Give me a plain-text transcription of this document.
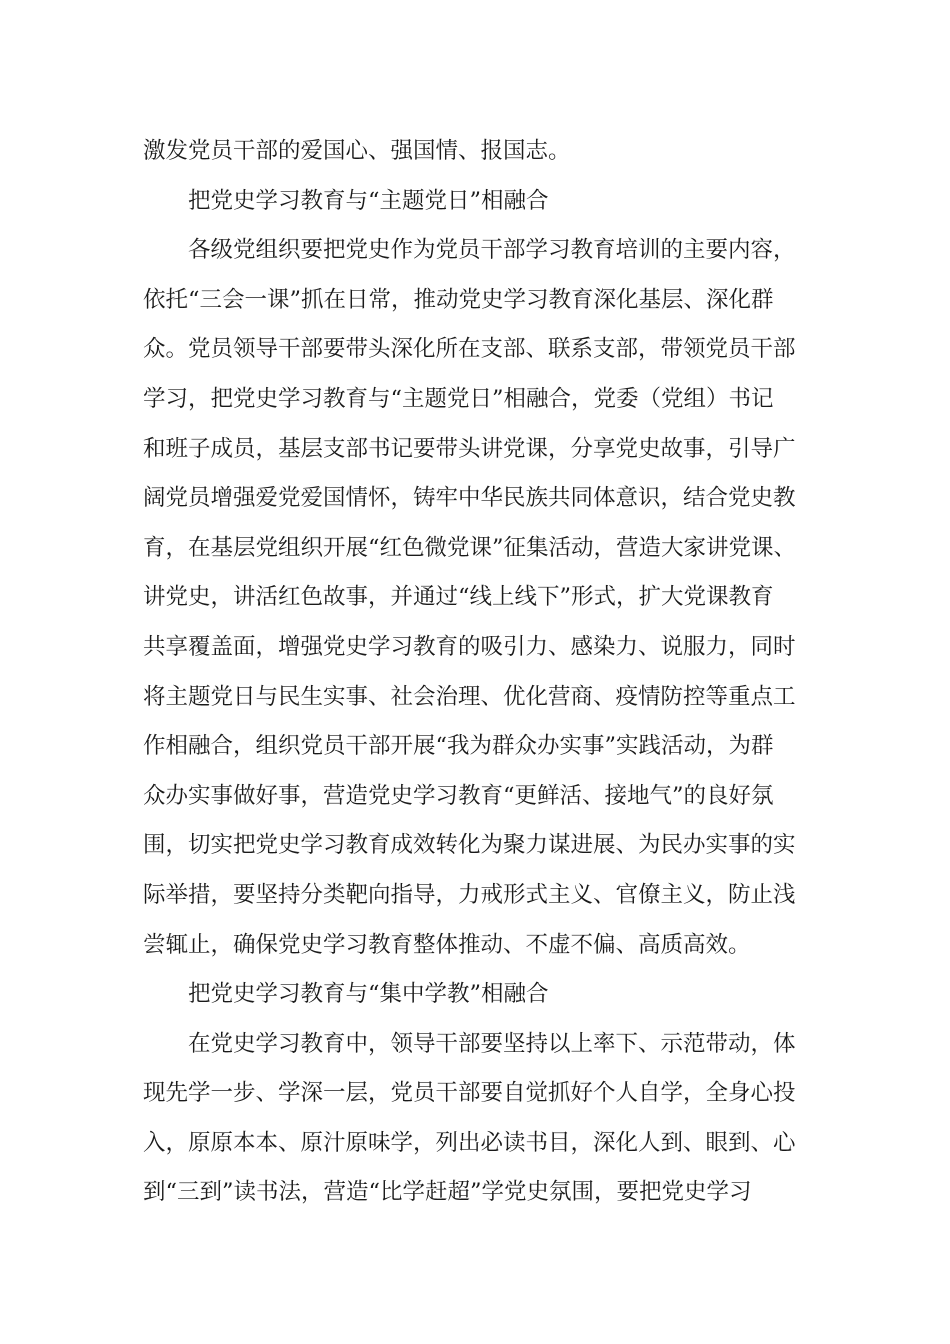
激发党员干部的爱国心、强国情、报国志。
把党史学习教育与“主题党日”相融合
各级党组织要把党史作为党员干部学习教育培训的主要内容，
依托“三会一课”抓在日常，推动党史学习教育深化基层、深化群
众。党员领导干部要带头深化所在支部、联系支部，带领党员干部
学习，把党史学习教育与“主题党日”相融合，党委（党组）书记
和班子成员，基层支部书记要带头讲党课，分享党史故事，引导广
阔党员增强爱党爱国情怀，铸牢中华民族共同体意识，结合党史教
育，在基层党组织开展“红色微党课”征集活动，营造大家讲党课、
讲党史，讲活红色故事，并通过“线上线下”形式，扩大党课教育
共享覆盖面，增强党史学习教育的吸引力、感染力、说服力，同时
将主题党日与民生实事、社会治理、优化营商、疫情防控等重点工
作相融合，组织党员干部开展“我为群众办实事”实践活动，为群
众办实事做好事，营造党史学习教育“更鲜活、接地气”的良好氛
围，切实把党史学习教育成效转化为聚力谋进展、为民办实事的实
际举措，要坚持分类靶向指导，力戒形式主义、官僚主义，防止浅
尝辄止，确保党史学习教育整体推动、不虚不偏、高质高效。
把党史学习教育与“集中学教”相融合
在党史学习教育中，领导干部要坚持以上率下、示范带动，体
现先学一步、学深一层，党员干部要自觉抓好个人自学，全身心投
入，原原本本、原汁原味学，列出必读书目，深化人到、眼到、心
到“三到”读书法，营造“比学赶超”学党史氛围，要把党史学习
